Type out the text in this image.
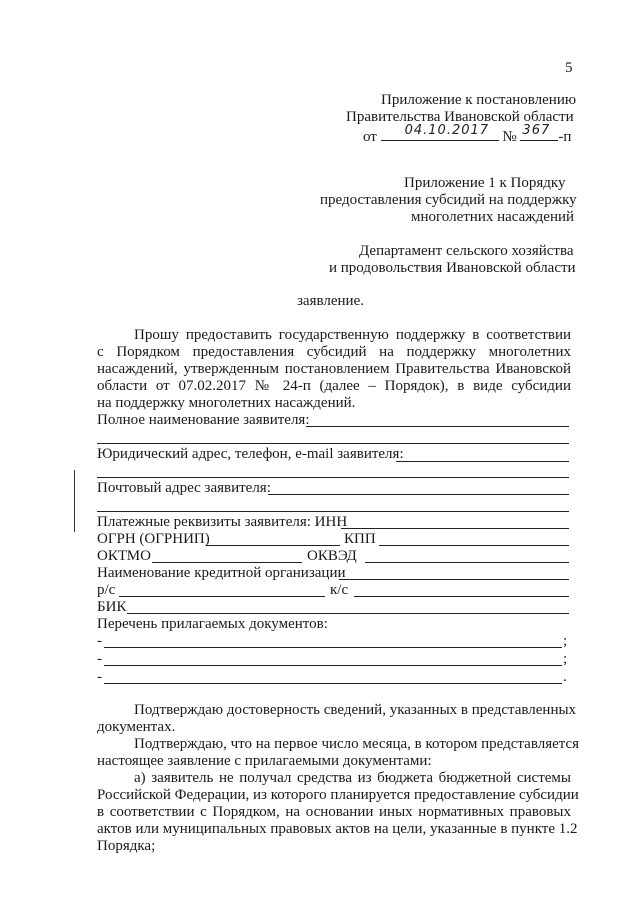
5
Приложение к постановлению
Правительства Ивановской области
от 04.10.2017 № 367 -п
Приложение 1 к Порядку
предоставления субсидий на поддержку
многолетних насаждений
Департамент сельского хозяйства
и продовольствия Ивановской области
заявление.
Прошу предоставить государственную поддержку в соответствии
с Порядком предоставления субсидий на поддержку многолетних
насаждений, утвержденным постановлением Правительства Ивановской
области от 07.02.2017 № 24-п (далее – Порядок), в виде субсидии
на поддержку многолетних насаждений.
Полное наименование заявителя:
Юридический адрес, телефон, e-mail заявителя:
Почтовый адрес заявителя:
Платежные реквизиты заявителя: ИНН
ОГРН (ОГРНИП)	КПП
ОКТМО	ОКВЭД
Наименование кредитной организации
р/с	к/с
БИК
Перечень прилагаемых документов:
-	;
-	;
-	.
Подтверждаю достоверность сведений, указанных в представленных
документах.
Подтверждаю, что на первое число месяца, в котором представляется
настоящее заявление с прилагаемыми документами:
а) заявитель не получал средства из бюджета бюджетной системы
Российской Федерации, из которого планируется предоставление субсидии
в соответствии с Порядком, на основании иных нормативных правовых
актов или муниципальных правовых актов на цели, указанные в пункте 1.2
Порядка;
